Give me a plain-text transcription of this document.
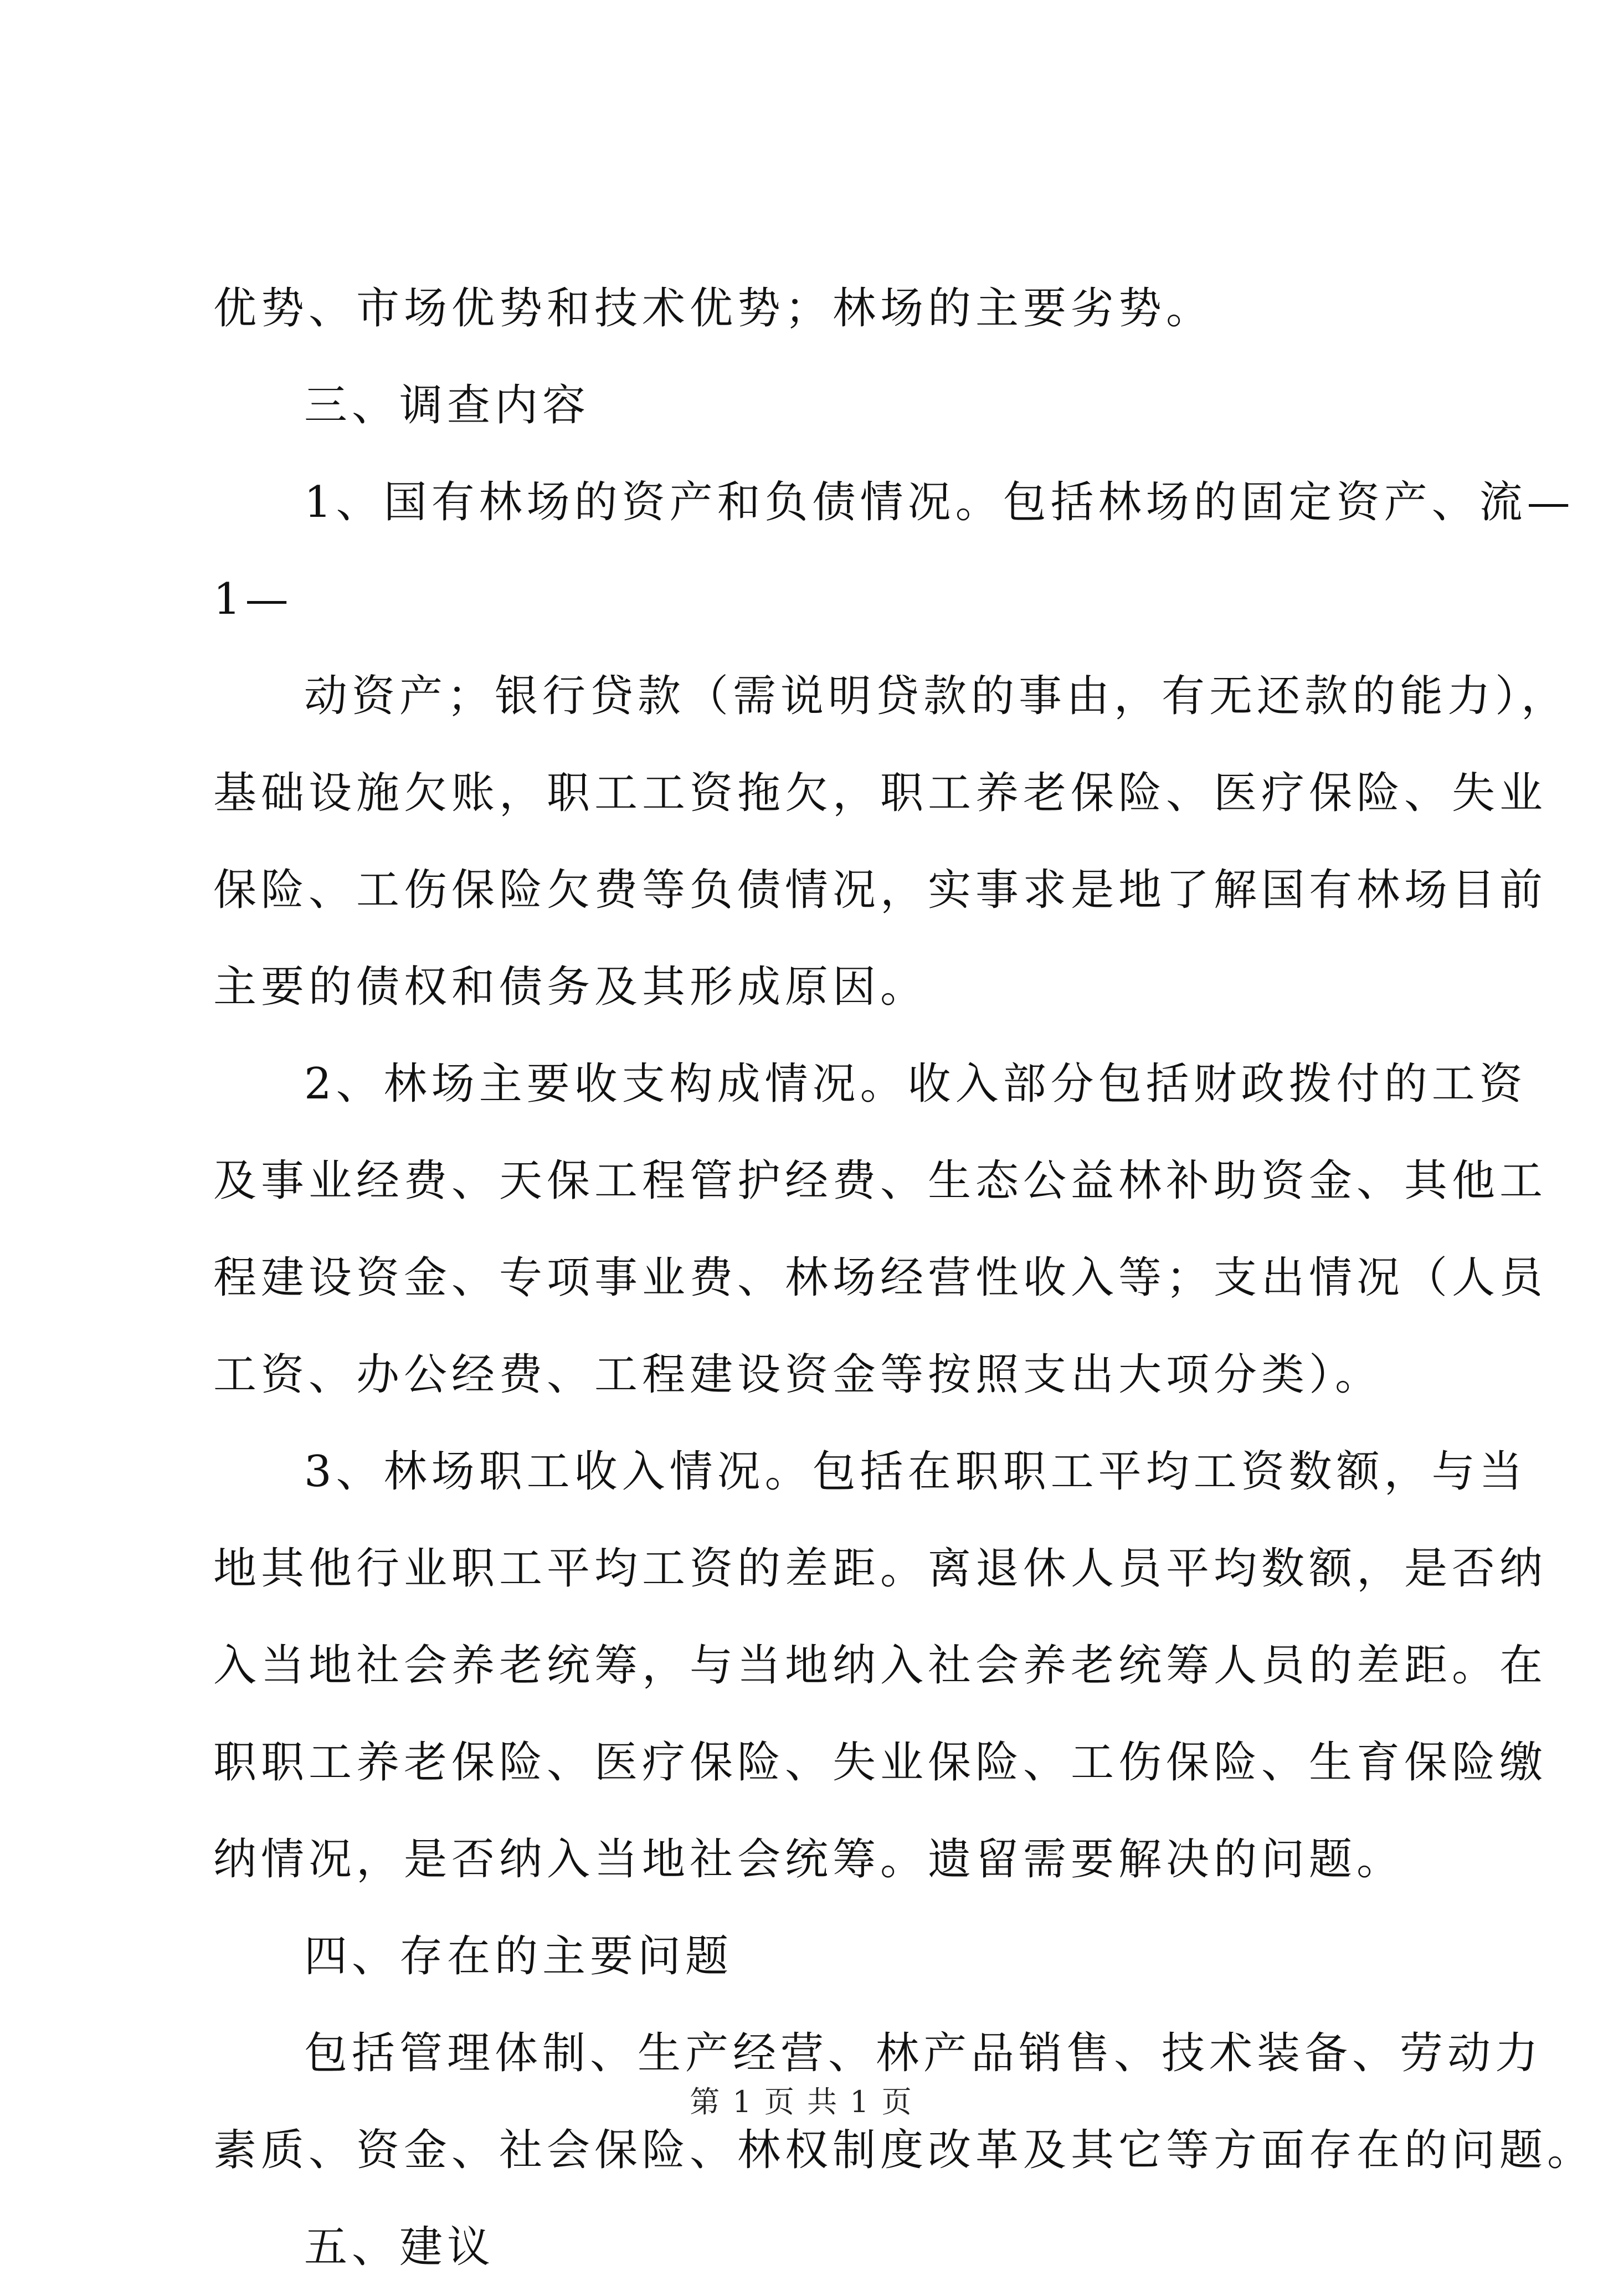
优势、市场优势和技术优势；林场的主要劣势。
三、调查内容
1、国有林场的资产和负债情况。包括林场的固定资产、流—
1—
动资产；银行贷款（需说明贷款的事由，有无还款的能力），
基础设施欠账，职工工资拖欠，职工养老保险、医疗保险、失业
保险、工伤保险欠费等负债情况，实事求是地了解国有林场目前
主要的债权和债务及其形成原因。
2、林场主要收支构成情况。收入部分包括财政拨付的工资
及事业经费、天保工程管护经费、生态公益林补助资金、其他工
程建设资金、专项事业费、林场经营性收入等；支出情况（人员
工资、办公经费、工程建设资金等按照支出大项分类）。
3、林场职工收入情况。包括在职职工平均工资数额，与当
地其他行业职工平均工资的差距。离退休人员平均数额，是否纳
入当地社会养老统筹，与当地纳入社会养老统筹人员的差距。在
职职工养老保险、医疗保险、失业保险、工伤保险、生育保险缴
纳情况，是否纳入当地社会统筹。遗留需要解决的问题。
四、存在的主要问题
包括管理体制、生产经营、林产品销售、技术装备、劳动力
素质、资金、社会保险、林权制度改革及其它等方面存在的问题。
五、建议
第 1 页 共 1 页
